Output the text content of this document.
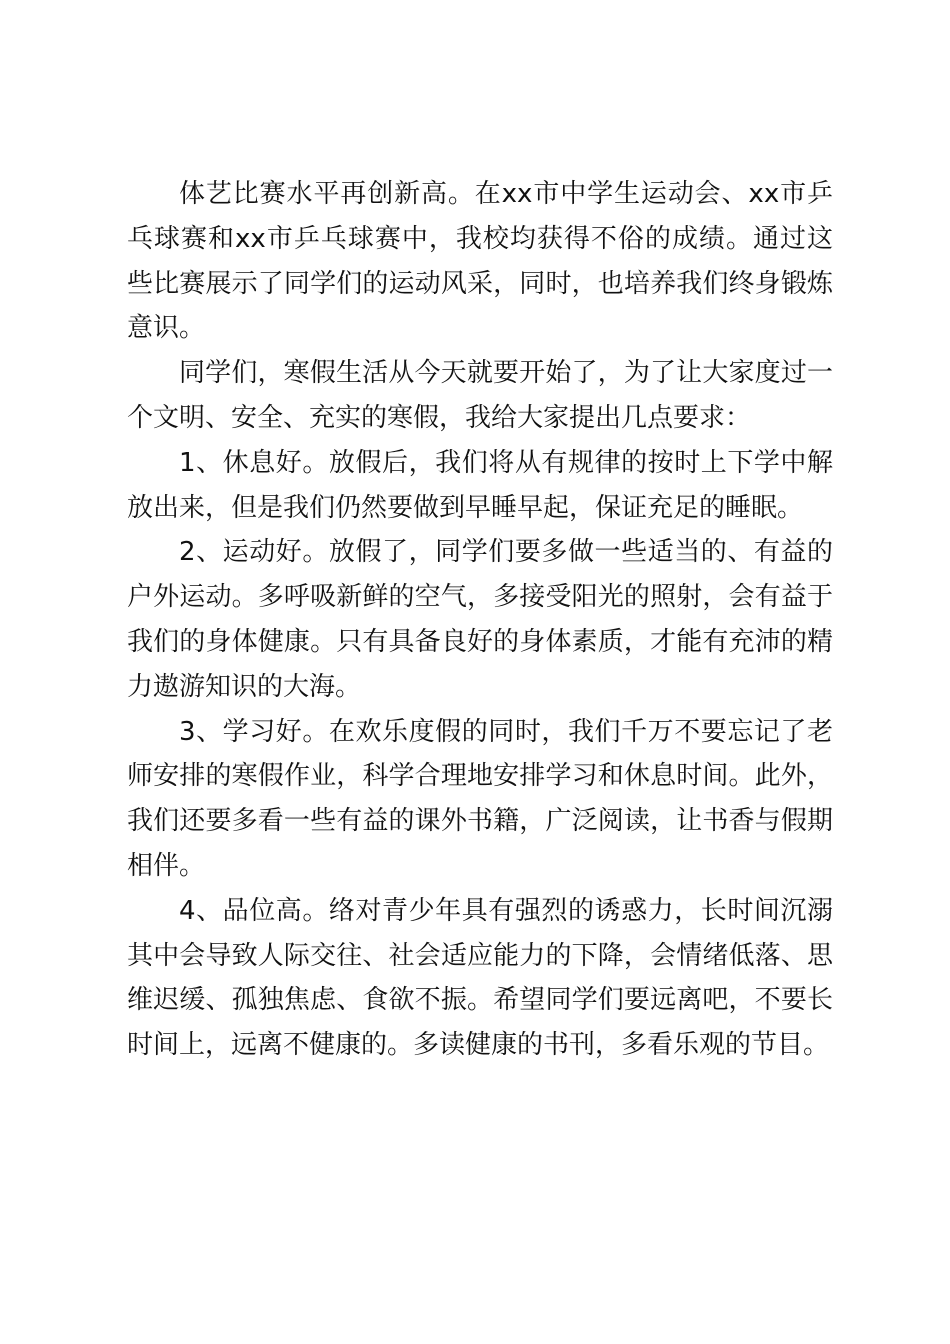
体艺比赛水平再创新高。在xx市中学生运动会、xx市乒乓球赛和xx市乒乓球赛中，我校均获得不俗的成绩。通过这些比赛展示了同学们的运动风采，同时，也培养我们终身锻炼意识。

同学们，寒假生活从今天就要开始了，为了让大家度过一个文明、安全、充实的寒假，我给大家提出几点要求：

1、休息好。放假后，我们将从有规律的按时上下学中解放出来，但是我们仍然要做到早睡早起，保证充足的睡眠。

2、运动好。放假了，同学们要多做一些适当的、有益的户外运动。多呼吸新鲜的空气，多接受阳光的照射，会有益于我们的身体健康。只有具备良好的身体素质，才能有充沛的精力遨游知识的大海。

3、学习好。在欢乐度假的同时，我们千万不要忘记了老师安排的寒假作业，科学合理地安排学习和休息时间。此外，我们还要多看一些有益的课外书籍，广泛阅读，让书香与假期相伴。

4、品位高。络对青少年具有强烈的诱惑力，长时间沉溺其中会导致人际交往、社会适应能力的下降，会情绪低落、思维迟缓、孤独焦虑、食欲不振。希望同学们要远离吧，不要长时间上，远离不健康的。多读健康的书刊，多看乐观的节目。
